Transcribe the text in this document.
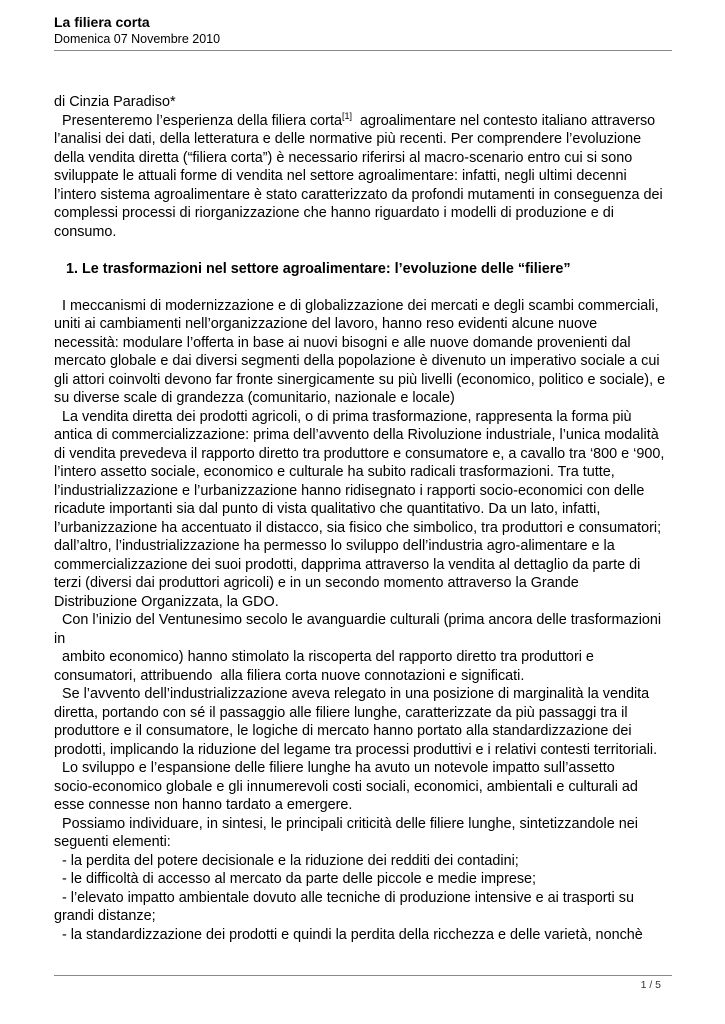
La filiera corta
Domenica 07 Novembre 2010
di Cinzia Paradiso*
Presenteremo l’esperienza della filiera corta[1]  agroalimentare nel contesto italiano attraverso
l’analisi dei dati, della letteratura e delle normative più recenti. Per comprendere l’evoluzione
della vendita diretta (“filiera corta”) è necessario riferirsi al macro-scenario entro cui si sono
sviluppate le attuali forme di vendita nel settore agroalimentare: infatti, negli ultimi decenni
l’intero sistema agroalimentare è stato caratterizzato da profondi mutamenti in conseguenza dei
complessi processi di riorganizzazione che hanno riguardato i modelli di produzione e di
consumo.
1. Le trasformazioni nel settore agroalimentare: l’evoluzione delle “filiere”
I meccanismi di modernizzazione e di globalizzazione dei mercati e degli scambi commerciali,
uniti ai cambiamenti nell’organizzazione del lavoro, hanno reso evidenti alcune nuove
necessità: modulare l’offerta in base ai nuovi bisogni e alle nuove domande provenienti dal
mercato globale e dai diversi segmenti della popolazione è divenuto un imperativo sociale a cui
gli attori coinvolti devono far fronte sinergicamente su più livelli (economico, politico e sociale), e
su diverse scale di grandezza (comunitario, nazionale e locale)
La vendita diretta dei prodotti agricoli, o di prima trasformazione, rappresenta la forma più
antica di commercializzazione: prima dell’avvento della Rivoluzione industriale, l’unica modalità
di vendita prevedeva il rapporto diretto tra produttore e consumatore e, a cavallo tra ‘800 e ‘900,
l’intero assetto sociale, economico e culturale ha subito radicali trasformazioni. Tra tutte,
l’industrializzazione e l’urbanizzazione hanno ridisegnato i rapporti socio-economici con delle
ricadute importanti sia dal punto di vista qualitativo che quantitativo. Da un lato, infatti,
l’urbanizzazione ha accentuato il distacco, sia fisico che simbolico, tra produttori e consumatori;
dall’altro, l’industrializzazione ha permesso lo sviluppo dell’industria agro-alimentare e la
commercializzazione dei suoi prodotti, dapprima attraverso la vendita al dettaglio da parte di
terzi (diversi dai produttori agricoli) e in un secondo momento attraverso la Grande
Distribuzione Organizzata, la GDO.
Con l’inizio del Ventunesimo secolo le avanguardie culturali (prima ancora delle trasformazioni
in
ambito economico) hanno stimolato la riscoperta del rapporto diretto tra produttori e
consumatori, attribuendo  alla filiera corta nuove connotazioni e significati.
Se l’avvento dell’industrializzazione aveva relegato in una posizione di marginalità la vendita
diretta, portando con sé il passaggio alle filiere lunghe, caratterizzate da più passaggi tra il
produttore e il consumatore, le logiche di mercato hanno portato alla standardizzazione dei
prodotti, implicando la riduzione del legame tra processi produttivi e i relativi contesti territoriali.
Lo sviluppo e l’espansione delle filiere lunghe ha avuto un notevole impatto sull’assetto
socio-economico globale e gli innumerevoli costi sociali, economici, ambientali e culturali ad
esse connesse non hanno tardato a emergere.
Possiamo individuare, in sintesi, le principali criticità delle filiere lunghe, sintetizzandole nei
seguenti elementi:
- la perdita del potere decisionale e la riduzione dei redditi dei contadini;
- le difficoltà di accesso al mercato da parte delle piccole e medie imprese;
- l’elevato impatto ambientale dovuto alle tecniche di produzione intensive e ai trasporti su
grandi distanze;
- la standardizzazione dei prodotti e quindi la perdita della ricchezza e delle varietà, nonchè
1 / 5
